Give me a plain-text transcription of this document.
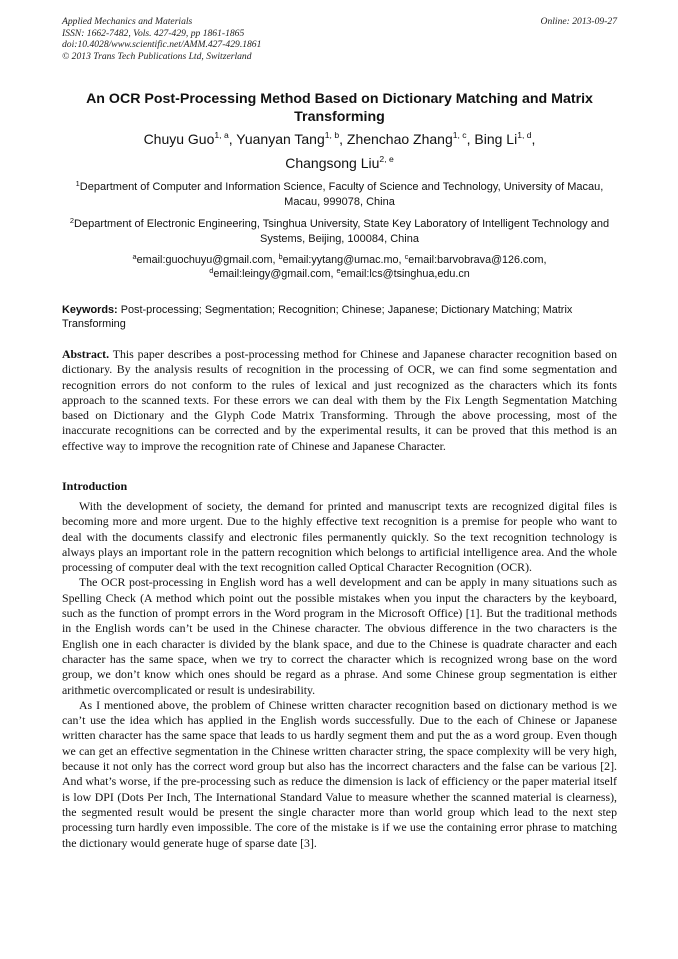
Applied Mechanics and Materials
ISSN: 1662-7482, Vols. 427-429, pp 1861-1865
doi:10.4028/www.scientific.net/AMM.427-429.1861
© 2013 Trans Tech Publications Ltd, Switzerland
Online: 2013-09-27
An OCR Post-Processing Method Based on Dictionary Matching and Matrix Transforming
Chuyu Guo$^{1, a}$, Yuanyan Tang$^{1, b}$, Zhenchao Zhang$^{1, c}$, Bing Li$^{1, d}$,
Changsong Liu$^{2, e}$
$^1$Department of Computer and Information Science, Faculty of Science and Technology, University of Macau, Macau, 999078, China
$^2$Department of Electronic Engineering, Tsinghua University, State Key Laboratory of Intelligent Technology and Systems, Beijing, 100084, China
$^a$email:guochuyu@gmail.com, $^b$email:yytang@umac.mo, $^c$email:barvobrava@126.com,
$^d$email:leingy@gmail.com, $^e$email:lcs@tsinghua,edu.cn
Keywords: Post-processing; Segmentation; Recognition; Chinese; Japanese; Dictionary Matching; Matrix Transforming
Abstract. This paper describes a post-processing method for Chinese and Japanese character recognition based on dictionary. By the analysis results of recognition in the processing of OCR, we can find some segmentation and recognition errors do not conform to the rules of lexical and just recognized as the characters which its fonts approach to the scanned texts. For these errors we can deal with them by the Fix Length Segmentation Matching based on Dictionary and the Glyph Code Matrix Transforming. Through the above processing, most of the inaccurate recognitions can be corrected and by the experimental results, it can be proved that this method is an effective way to improve the recognition rate of Chinese and Japanese Character.
Introduction

With the development of society, the demand for printed and manuscript texts are recognized digital files is becoming more and more urgent. Due to the highly effective text recognition is a premise for people who want to deal with the documents classify and electronic files permanently quickly. So the text recognition technology is always plays an important role in the pattern recognition which belongs to artificial intelligence area. And the whole processing of computer deal with the text recognition called Optical Character Recognition (OCR).

The OCR post-processing in English word has a well development and can be apply in many situations such as Spelling Check (A method which point out the possible mistakes when you input the characters by the keyboard, such as the function of prompt errors in the Word program in the Microsoft Office) [1]. But the traditional methods in the English words can’t be used in the Chinese character. The obvious difference in the two characters is the English one in each character is divided by the blank space, and due to the Chinese is quadrate character and each character has the same space, when we try to correct the character which is recognized wrong base on the word group, we don’t know which ones should be regard as a phrase. And some Chinese group segmentation is either arithmetic overcomplicated or result is undesirability.

As I mentioned above, the problem of Chinese written character recognition based on dictionary method is we can’t use the idea which has applied in the English words successfully. Due to the each of Chinese or Japanese written character has the same space that leads to us hardly segment them and put the as a word group. Even though we can get an effective segmentation in the Chinese written character string, the space complexity will be very high, because it not only has the correct word group but also has the incorrect characters and the false can be various [2]. And what’s worse, if the pre-processing such as reduce the dimension is lack of efficiency or the paper material itself is low DPI (Dots Per Inch, The International Standard Value to measure whether the scanned material is clearness), the segmented result would be present the single character more than world group which lead to the next step processing turn hardly even impossible. The core of the mistake is if we use the containing error phrase to matching the dictionary would generate huge of sparse date [3].
